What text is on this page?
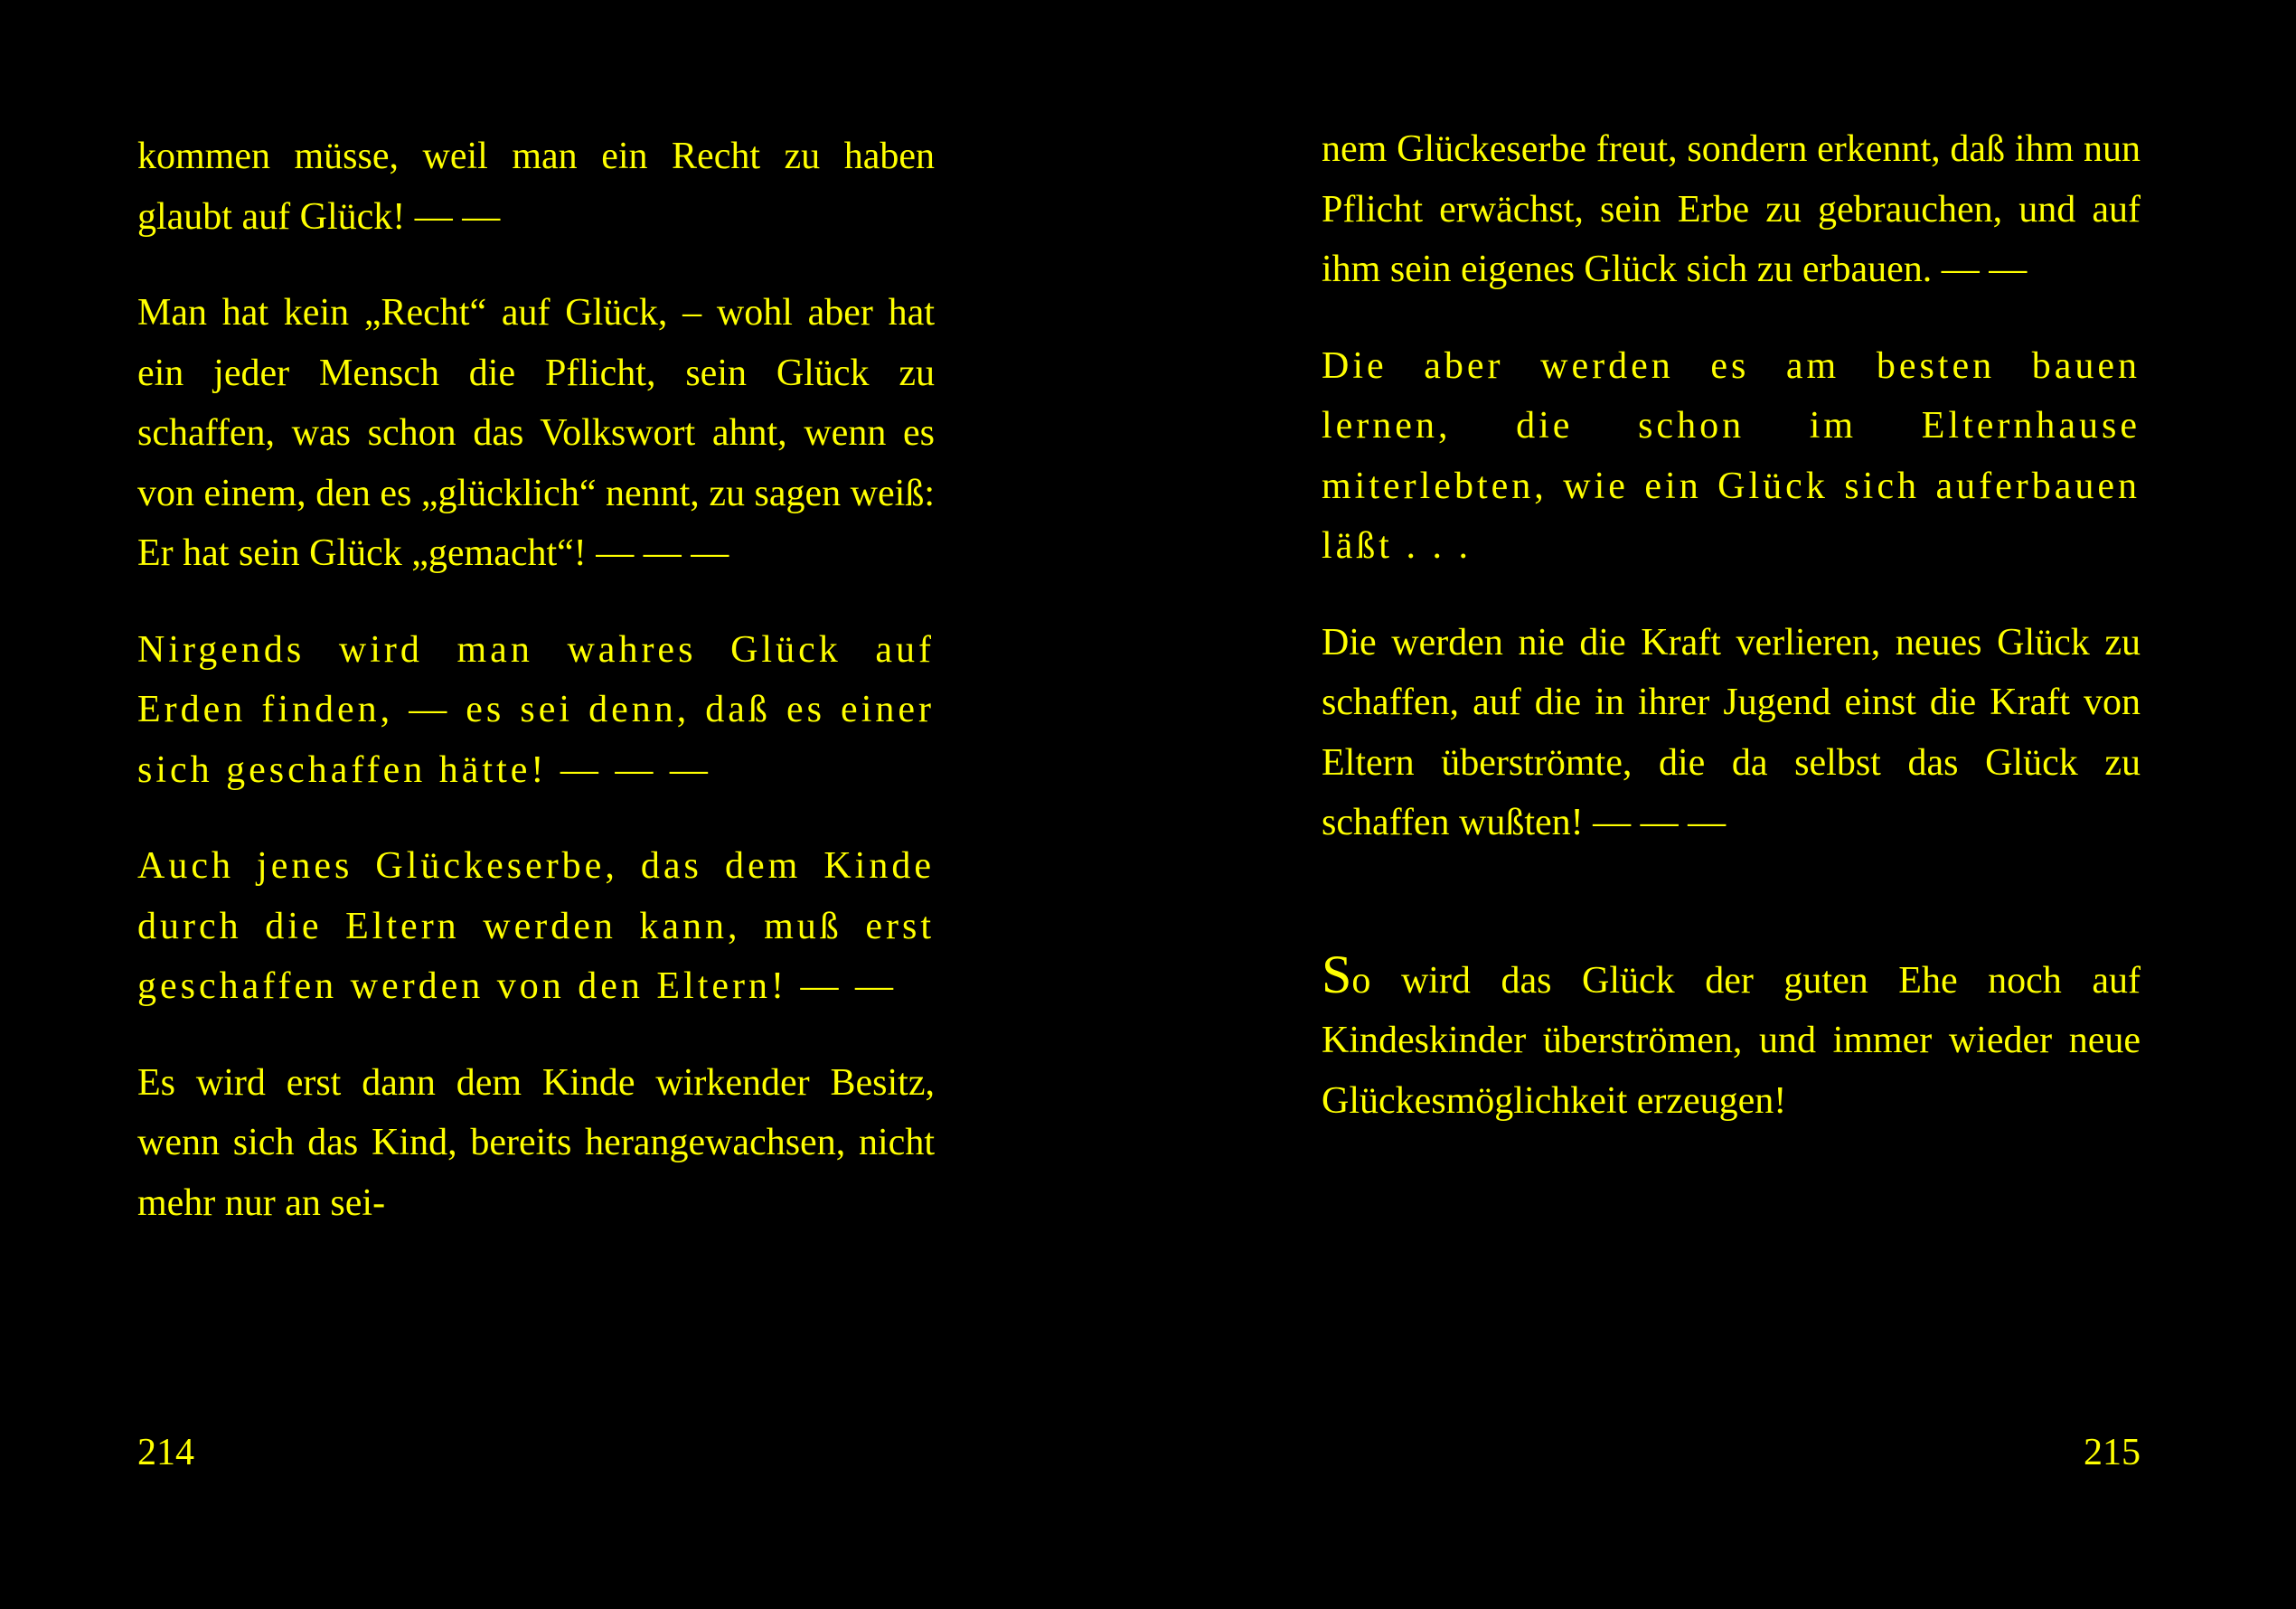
kommen müsse, weil man ein Recht zu haben glaubt auf Glück! — —

Man hat kein „Recht“ auf Glück, – wohl aber hat ein jeder Mensch die Pflicht, sein Glück zu schaffen, was schon das Volkswort ahnt, wenn es von einem, den es „glücklich“ nennt, zu sagen weiß: Er hat sein Glück „gemacht“! — — —

Nirgends wird man wahres Glück auf Erden finden, — es sei denn, daß es einer sich geschaffen hätte! — — —

Auch jenes Glückeserbe, das dem Kinde durch die Eltern werden kann, muß erst geschaffen werden von den Eltern! — —

Es wird erst dann dem Kinde wirkender Besitz, wenn sich das Kind, bereits herangewachsen, nicht mehr nur an sei-

214

nem Glückeserbe freut, sondern erkennt, daß ihm nun Pflicht erwächst, sein Erbe zu gebrauchen, und auf ihm sein eigenes Glück sich zu erbauen. — —

Die aber werden es am besten bauen lernen, die schon im Elternhause miterlebten, wie ein Glück sich auferbauen läßt . . .

Die werden nie die Kraft verlieren, neues Glück zu schaffen, auf die in ihrer Jugend einst die Kraft von Eltern überströmte, die da selbst das Glück zu schaffen wußten! — — —

So wird das Glück der guten Ehe noch auf Kindeskinder überströmen, und immer wieder neue Glückesmöglichkeit erzeugen!

215
